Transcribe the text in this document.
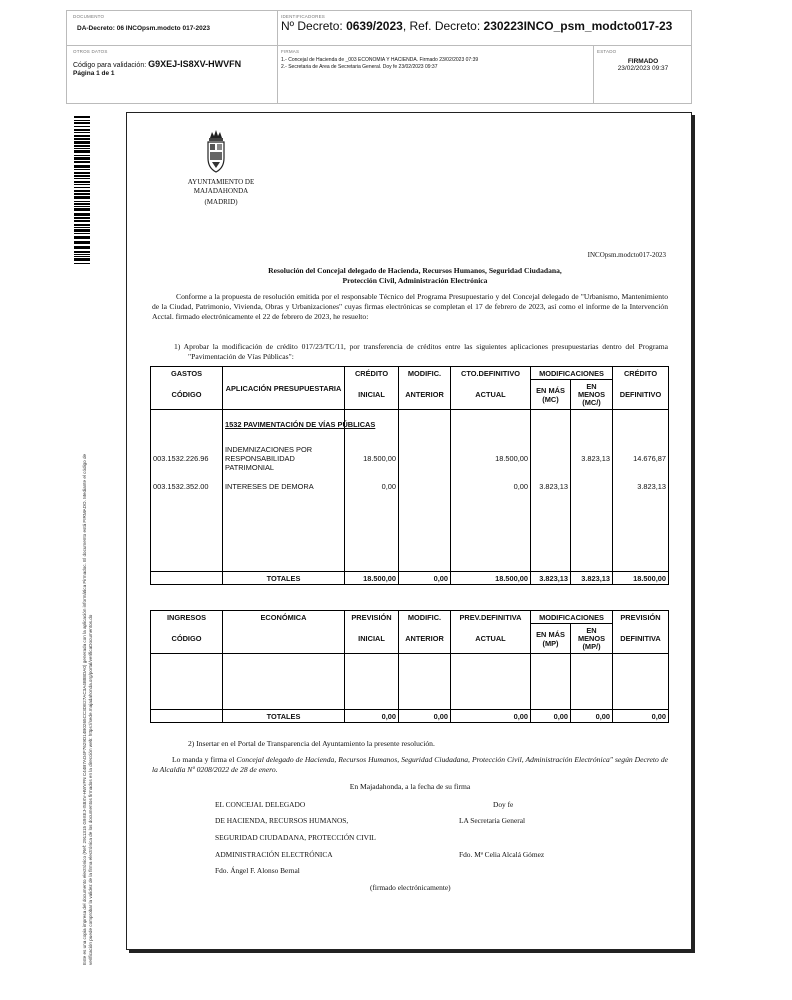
DOCUMENTO
DA-Decreto: 06 INCOpsm.modcto 017-2023
IDENTIFICADORES
Nº Decreto: 0639/2023, Ref. Decreto: 230223INCO_psm_modcto017-23
OTROS DATOS
Código para validación: G9XEJ-IS8XV-HWVFN
Página 1 de 1
FIRMAS
1.- Concejal de Hacienda de _003 ECONOMIA Y HACIENDA. Firmado 23/02/2023 07:39
2.- Secretaria de Area de Secretaria General. Doy fe 23/02/2023 09:37
ESTADO
FIRMADO
23/02/2023 09:37
Este es una copia impresa del documento electrónico (Ref: 2911315 G9XEJ-IS8XV-HWVFN C44B7AD4F7629D14B0265CC3DE27AC3A4B88DA0) generada con la aplicación informática Firmadoc. El documento está FIRMADO. Mediante el código de verificación puede comprobar la validez de la firma electrónica de los documentos firmados en la dirección web: https://sede.majadahonda.org/portal/verificaDocumentos.do
AYUNTAMIENTO DE
MAJADAHONDA
(MADRID)
INCOpsm.modcto017-2023
Resolución del Concejal delegado de Hacienda, Recursos Humanos, Seguridad Ciudadana,
Protección Civil, Administración Electrónica
Conforme a la propuesta de resolución emitida por el responsable Técnico del Programa Presupuestario y del Concejal delegado de "Urbanismo, Mantenimiento de la Ciudad, Patrimonio, Vivienda, Obras y Urbanizaciones" cuyas firmas electrónicas se completan el 17 de febrero de 2023, así como el informe de la Intervención Acctal. firmado electrónicamente el 22 de febrero de 2023, he resuelto:
1) Aprobar la modificación de crédito 017/23/TC/11, por transferencia de créditos entre las siguientes aplicaciones presupuestarias dentro del Programa "Pavimentación de Vías Públicas":
GASTOS	APLICACIÓN PRESUPUESTARIA	CRÉDITO	MODIFIC.	CTO.DEFINITIVO	MODIFICACIONES		CRÉDITO
CÓDIGO		INICIAL	ANTERIOR	ACTUAL	EN MÁS (MC)	EN MENOS (MC/)	DEFINITIVO
	1532 PAVIMENTACIÓN DE VÍAS PÚBLICAS						
003.1532.226.96	INDEMNIZACIONES POR RESPONSABILIDAD PATRIMONIAL	18.500,00		18.500,00		3.823,13	14.676,87
003.1532.352.00	INTERESES DE DEMORA	0,00		0,00	3.823,13		3.823,13

	TOTALES	18.500,00	0,00	18.500,00	3.823,13	3.823,13	18.500,00
INGRESOS	ECONÓMICA	PREVISIÓN	MODIFIC.	PREV.DEFINITIVA	MODIFICACIONES		PREVISIÓN
CÓDIGO		INICIAL	ANTERIOR	ACTUAL	EN MÁS (MP)	EN MENOS (MP/)	DEFINITIVA

	TOTALES	0,00	0,00	0,00	0,00	0,00	0,00
2) Insertar en el Portal de Transparencia del Ayuntamiento la presente resolución.
Lo manda y firma el Concejal delegado de Hacienda, Recursos Humanos, Seguridad Ciudadana, Protección Civil, Administración Electrónica" según Decreto de la Alcaldía Nº 0208/2022 de 28 de enero.
En Majadahonda, a la fecha de su firma
EL CONCEJAL DELEGADO	Doy fe
DE HACIENDA, RECURSOS HUMANOS,	LA Secretaria General
SEGURIDAD CIUDADANA, PROTECCIÓN CIVIL
ADMINISTRACIÓN ELECTRÓNICA	Fdo. Mª Celia Alcalá Gómez
Fdo. Ángel F. Alonso Bernal
(firmado electrónicamente)
